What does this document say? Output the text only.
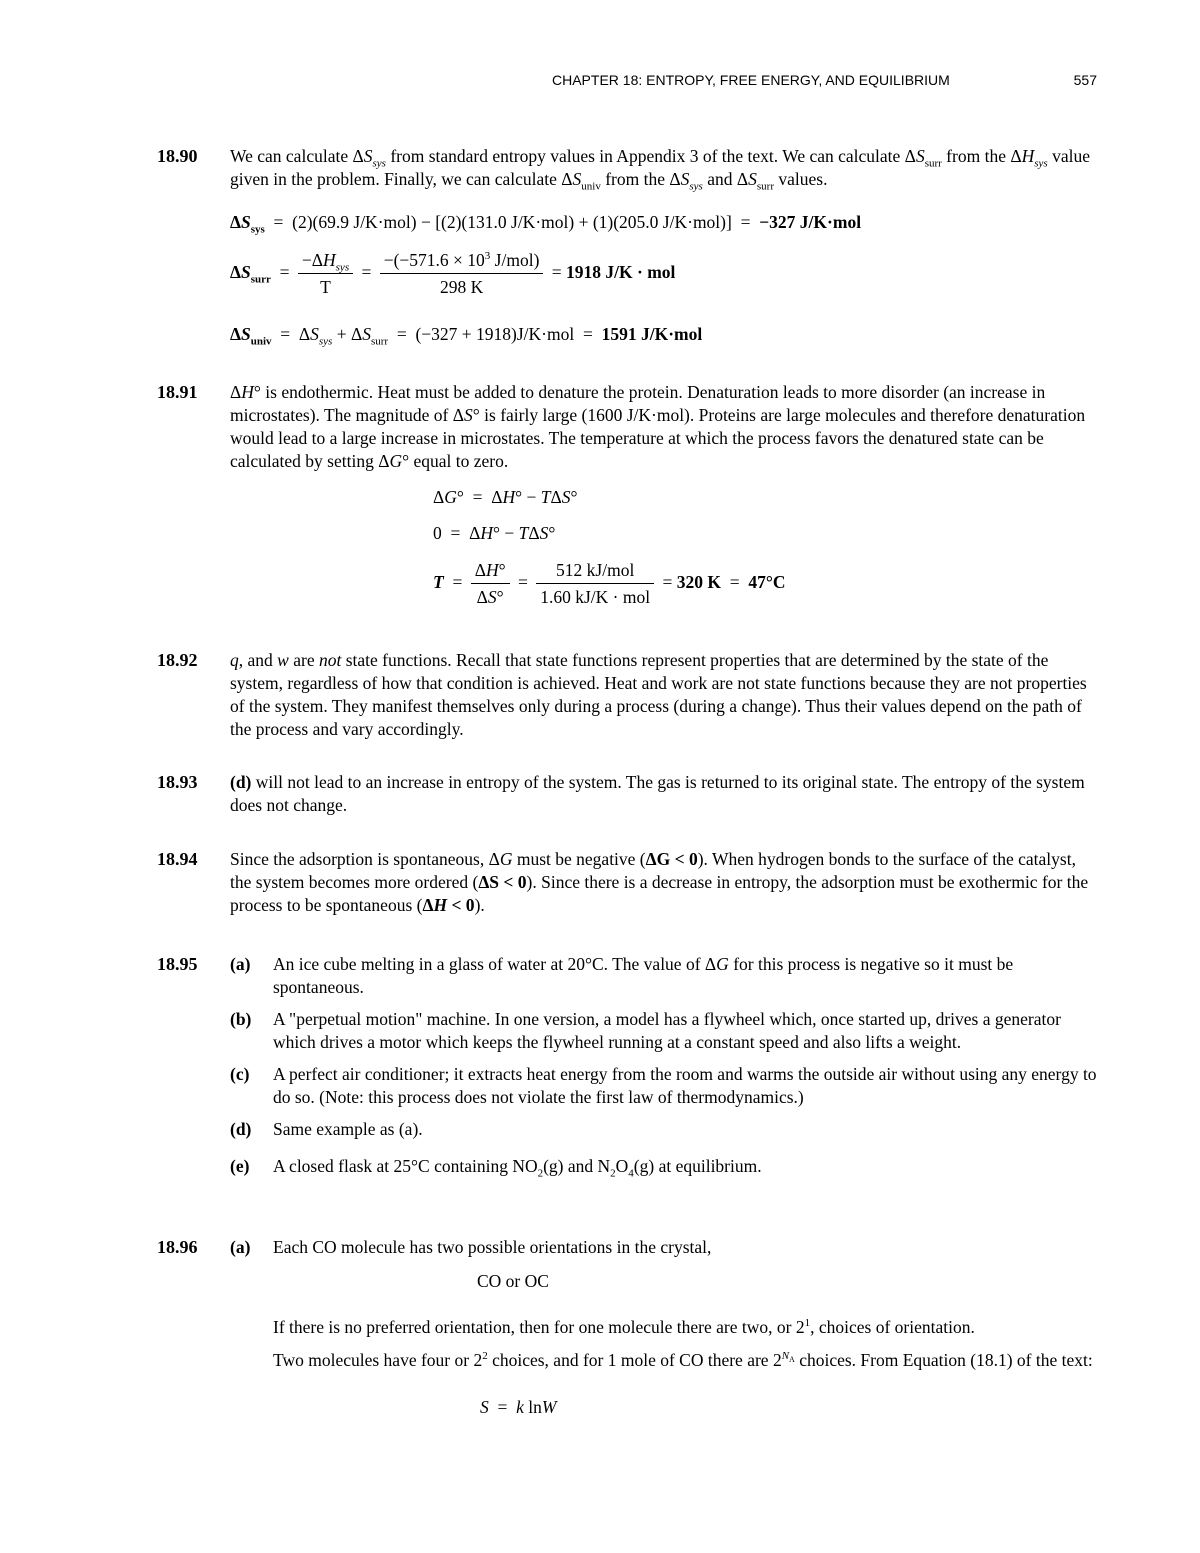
CHAPTER 18: ENTROPY, FREE ENERGY, AND EQUILIBRIUM	557
18.90 We can calculate $\Delta S_{sys}$ from standard entropy values in Appendix 3 of the text. We can calculate $\Delta S_{surr}$ from the $\Delta H_{sys}$ value given in the problem. Finally, we can calculate $\Delta S_{univ}$ from the $\Delta S_{sys}$ and $\Delta S_{surr}$ values.

$\Delta S_{sys} = (2)(69.9$ J/K·mol) − [(2)(131.0 J/K·mol) + (1)(205.0 J/K·mol)]  =  −327 J/K·mol
$\Delta S_{surr} = \frac{-\Delta H_{sys}}{T} = \frac{-(-571.6 \times 10^3 J/mol)}{298 K} = 1918$ J/K · mol
$\Delta S_{univ} = \Delta S_{sys} + \Delta S_{surr} = (-327 + 1918)J/K\cdot mol = 1591$ J/K·mol
18.91 ΔH° is endothermic. Heat must be added to denature the protein. Denaturation leads to more disorder (an increase in microstates). The magnitude of ΔS° is fairly large (1600 J/K·mol). Proteins are large molecules and therefore denaturation would lead to a large increase in microstates. The temperature at which the process favors the denatured state can be calculated by setting ΔG° equal to zero.

ΔG°  =  ΔH° − TΔS°
0  =  ΔH° − TΔS°
$T = \frac{\Delta H^\circ}{\Delta S^\circ} = \frac{\text{512 kJ/mol}}{\text{1.60 kJ/K · mol}} = 320$ K  =  47°C
18.92 q, and w are not state functions. Recall that state functions represent properties that are determined by the state of the system, regardless of how that condition is achieved. Heat and work are not state functions because they are not properties of the system. They manifest themselves only during a process (during a change). Thus their values depend on the path of the process and vary accordingly.

18.93 (d) will not lead to an increase in entropy of the system. The gas is returned to its original state. The entropy of the system does not change.

18.94 Since the adsorption is spontaneous, ΔG must be negative (ΔG < 0). When hydrogen bonds to the surface of the catalyst, the system becomes more ordered (ΔS < 0). Since there is a decrease in entropy, the adsorption must be exothermic for the process to be spontaneous (ΔH < 0).

18.95 (a) An ice cube melting in a glass of water at 20°C. The value of ΔG for this process is negative so it must be spontaneous.

(b) A "perpetual motion" machine. In one version, a model has a flywheel which, once started up, drives a generator which drives a motor which keeps the flywheel running at a constant speed and also lifts a weight.

(c) A perfect air conditioner; it extracts heat energy from the room and warms the outside air without using any energy to do so. (Note: this process does not violate the first law of thermodynamics.)

(d) Same example as (a).

(e) A closed flask at 25°C containing $NO_2(g)$ and $N_2O_4(g)$ at equilibrium.

18.96 (a) Each CO molecule has two possible orientations in the crystal,

CO or OC

If there is no preferred orientation, then for one molecule there are two, or $2^1$, choices of orientation.

Two molecules have four or $2^2$ choices, and for 1 mole of CO there are $2^{N_A}$ choices. From Equation (18.1) of the text:

S  =  k lnW
